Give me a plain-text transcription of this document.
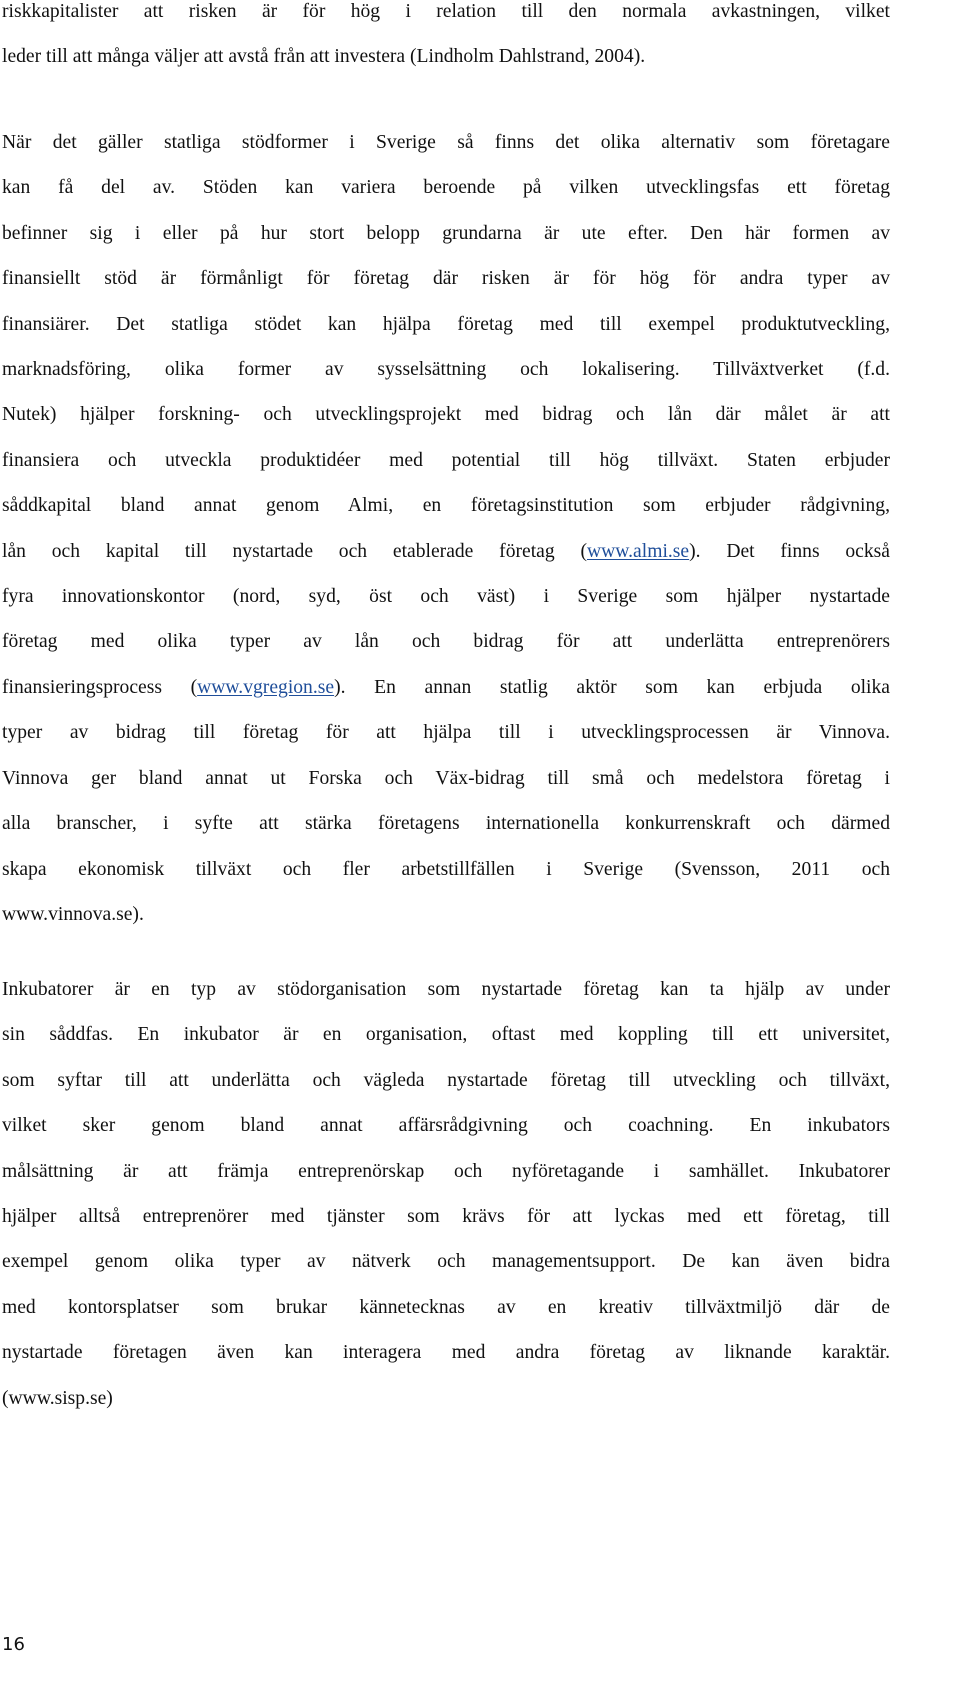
riskkapitalister att risken är för hög i relation till den normala avkastningen, vilket
leder till att många väljer att avstå från att investera (Lindholm Dahlstrand, 2004).
När det gäller statliga stödformer i Sverige så finns det olika alternativ som företagare
kan få del av. Stöden kan variera beroende på vilken utvecklingsfas ett företag
befinner sig i eller på hur stort belopp grundarna är ute efter. Den här formen av
finansiellt stöd är förmånligt för företag där risken är för hög för andra typer av
finansiärer. Det statliga stödet kan hjälpa företag med till exempel produktutveckling,
marknadsföring, olika former av sysselsättning och lokalisering. Tillväxtverket (f.d.
Nutek) hjälper forskning- och utvecklingsprojekt med bidrag och lån där målet är att
finansiera och utveckla produktidéer med potential till hög tillväxt. Staten erbjuder
såddkapital bland annat genom Almi, en företagsinstitution som erbjuder rådgivning,
lån och kapital till nystartade och etablerade företag (www.almi.se). Det finns också
fyra innovationskontor (nord, syd, öst och väst) i Sverige som hjälper nystartade
företag med olika typer av lån och bidrag för att underlätta entreprenörers
finansieringsprocess (www.vgregion.se). En annan statlig aktör som kan erbjuda olika
typer av bidrag till företag för att hjälpa till i utvecklingsprocessen är Vinnova.
Vinnova ger bland annat ut Forska och Väx-bidrag till små och medelstora företag i
alla branscher, i syfte att stärka företagens internationella konkurrenskraft och därmed
skapa ekonomisk tillväxt och fler arbetstillfällen i Sverige (Svensson, 2011 och
www.vinnova.se).
Inkubatorer är en typ av stödorganisation som nystartade företag kan ta hjälp av under
sin såddfas. En inkubator är en organisation, oftast med koppling till ett universitet,
som syftar till att underlätta och vägleda nystartade företag till utveckling och tillväxt,
vilket sker genom bland annat affärsrådgivning och coachning. En inkubators
målsättning är att främja entreprenörskap och nyföretagande i samhället. Inkubatorer
hjälper alltså entreprenörer med tjänster som krävs för att lyckas med ett företag, till
exempel genom olika typer av nätverk och managementsupport. De kan även bidra
med kontorsplatser som brukar kännetecknas av en kreativ tillväxtmiljö där de
nystartade företagen även kan interagera med andra företag av liknande karaktär.
(www.sisp.se)
16
